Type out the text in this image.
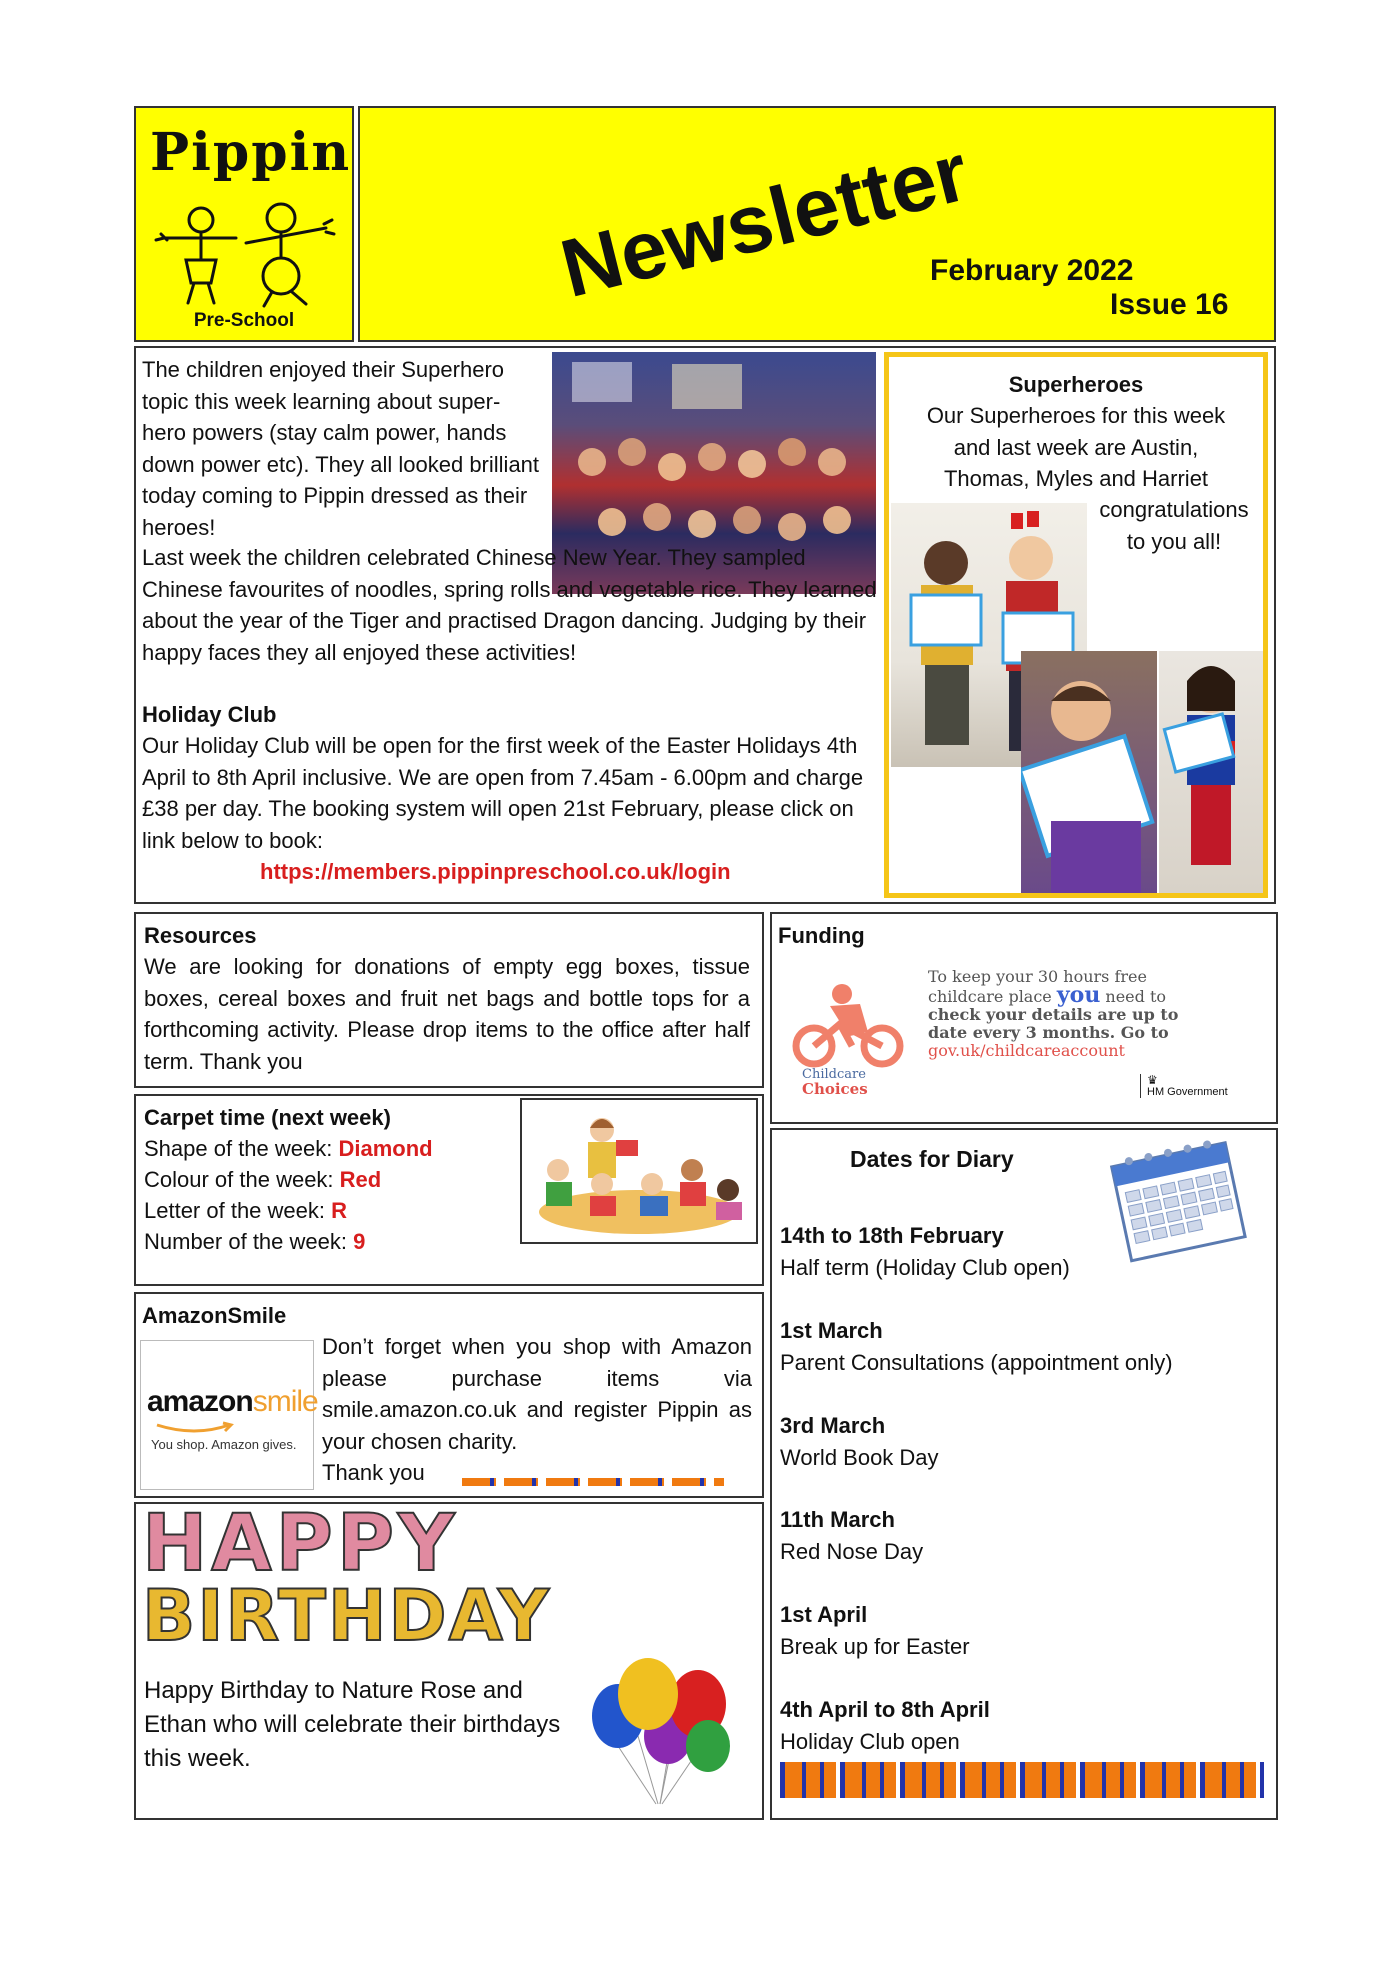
Pippin
Pre-School
Newsletter
February 2022
Issue 16
Superheroes
Our Superheroes for this week and last week are Austin, Thomas, Myles and Harriet
congratulations to you all!
The children enjoyed their Superhero topic this week learning about super-hero powers (stay calm power, hands down power etc). They all looked brilliant today coming to Pippin dressed as their heroes!
Last week the children celebrated Chinese New Year. They sampled Chinese favourites of noodles, spring rolls and vegetable rice. They learned about the year of the Tiger and practised Dragon dancing. Judging by their happy faces they all enjoyed these activities!
Holiday Club
Our Holiday Club will be open for the first week of the Easter Holidays 4th April to 8th April inclusive. We are open from 7.45am - 6.00pm and charge £38 per day. The booking system will open 21st February, please click on link below to book:
https://members.pippinpreschool.co.uk/login
Resources
We are looking for donations of empty egg boxes, tissue boxes, cereal boxes and fruit net bags and bottle tops for a forthcoming activity. Please drop items to the office after half term. Thank you
Funding
Childcare
Choices
To keep your 30 hours free
childcare place you need to
check your details are up to
date every 3 months. Go to
gov.uk/childcareaccount
♛
HM Government
Carpet time (next week)
Shape of the week: Diamond
Colour of the week: Red
Letter of the week: R
Number of the week: 9
AmazonSmile
amazonsmile
You shop. Amazon gives.
Don’t forget when you shop with Amazon please purchase items via smile.amazon.co.uk and register Pippin as your chosen charity.
Thank you
HAPPY
BIRTHDAY
Happy Birthday to Nature Rose and Ethan who will celebrate their birthdays this week.
Dates for Diary
14th to 18th February
Half term (Holiday Club open)
1st March
Parent Consultations (appointment only)
3rd March
World Book Day
11th March
Red Nose Day
1st April
Break up for Easter
4th April to 8th April
Holiday Club open
